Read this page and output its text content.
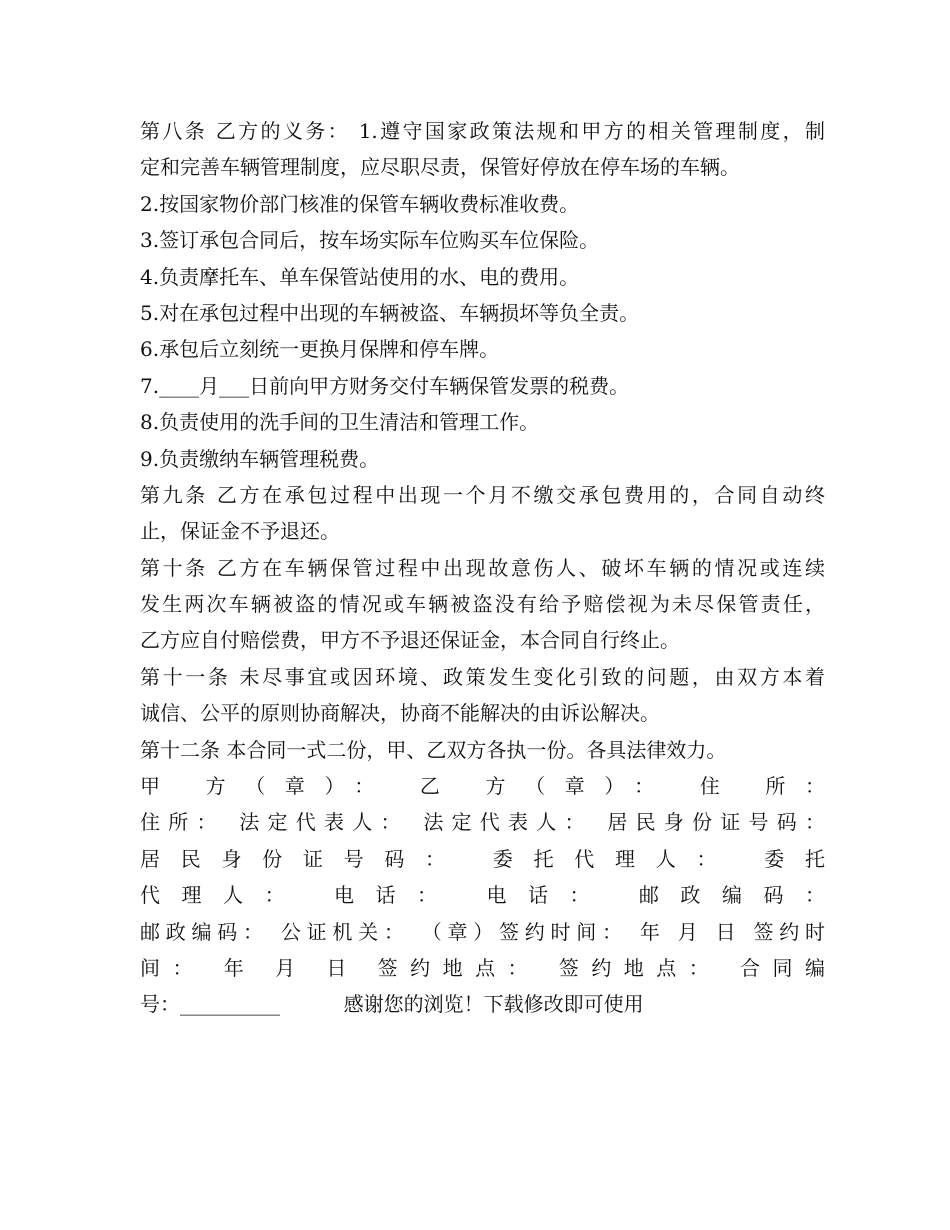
第八条 乙方的义务： 1.遵守国家政策法规和甲方的相关管理制度，制
定和完善车辆管理制度，应尽职尽责，保管好停放在停车场的车辆。
2.按国家物价部门核准的保管车辆收费标准收费。
3.签订承包合同后，按车场实际车位购买车位保险。
4.负责摩托车、单车保管站使用的水、电的费用。
5.对在承包过程中出现的车辆被盗、车辆损坏等负全责。
6.承包后立刻统一更换月保牌和停车牌。
7.____月___日前向甲方财务交付车辆保管发票的税费。
8.负责使用的洗手间的卫生清洁和管理工作。
9.负责缴纳车辆管理税费。
第九条 乙方在承包过程中出现一个月不缴交承包费用的，合同自动终
止，保证金不予退还。
第十条 乙方在车辆保管过程中出现故意伤人、破坏车辆的情况或连续
发生两次车辆被盗的情况或车辆被盗没有给予赔偿视为未尽保管责任，
乙方应自付赔偿费，甲方不予退还保证金，本合同自行终止。
第十一条 未尽事宜或因环境、政策发生变化引致的问题，由双方本着
诚信、公平的原则协商解决，协商不能解决的由诉讼解决。
第十二条 本合同一式二份，甲、乙双方各执一份。各具法律效力。
甲 方（章）： 乙 方（章）： 住 所：
住所： 法定代表人： 法定代表人： 居民身份证号码：
居民身份证号码： 委托代理人： 委托
代理人： 电话： 电话： 邮政编码：
邮政编码： 公证机关： （章）签约时间： 年 月 日 签约时
间： 年 月 日 签约地点： 签约地点： 合同编
号：__________          感谢您的浏览！下载修改即可使用
